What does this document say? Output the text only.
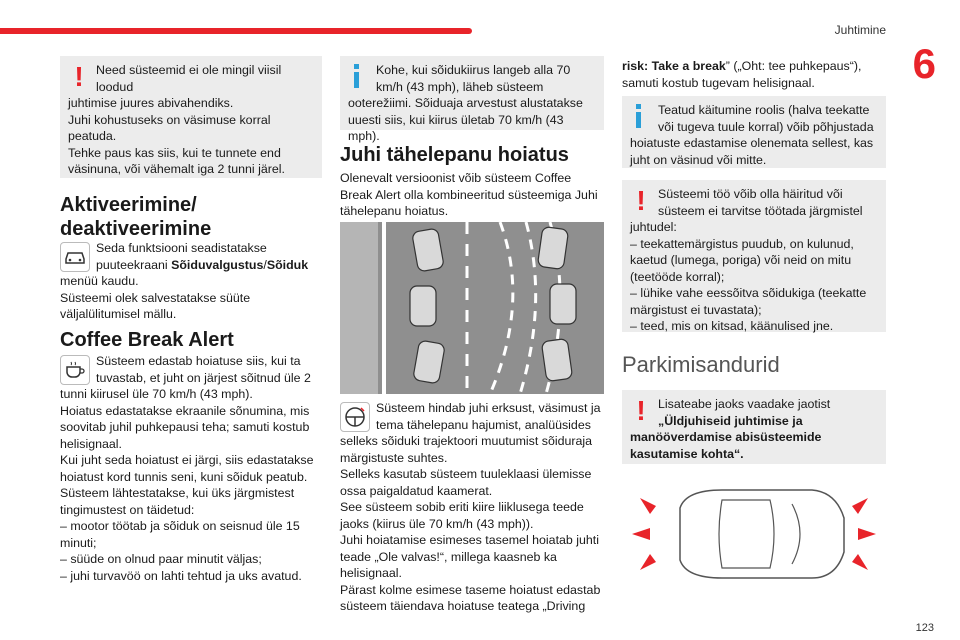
Juhtimine
6
123
! Need süsteemid ei ole mingil viisil loodud
juhtimise juures abivahendiks.
Juhi kohustuseks on väsimuse korral peatuda.
Tehke paus kas siis, kui te tunnete end väsinuna, või vähemalt iga 2 tunni järel.
Aktiveerimine/ deaktiveerimine
Seda funktsiooni seadistatakse puuteekraani Sõiduvalgustus/Sõiduk menüü kaudu.
Süsteemi olek salvestatakse süüte väljalülitumisel mällu.
Coffee Break Alert
Süsteem edastab hoiatuse siis, kui ta tuvastab, et juht on järjest sõitnud üle 2 tunni kiirusel üle 70 km/h (43 mph).
Hoiatus edastatakse ekraanile sõnumina, mis soovitab juhil puhkepausi teha; samuti kostub helisignaal.
Kui juht seda hoiatust ei järgi, siis edastatakse hoiatust kord tunnis seni, kuni sõiduk peatub.
Süsteem lähtestatakse, kui üks järgmistest tingimustest on täidetud:
– mootor töötab ja sõiduk on seisnud üle 15 minuti;
– süüde on olnud paar minutit väljas;
– juhi turvavöö on lahti tehtud ja uks avatud.
Kohe, kui sõidukiirus langeb alla 70 km/h (43 mph), läheb süsteem ooterežiimi. Sõiduaja arvestust alustatakse uuesti siis, kui kiirus ületab 70 km/h (43 mph).
Juhi tähelepanu hoiatus
Olenevalt versioonist võib süsteem Coffee Break Alert olla kombineeritud süsteemiga Juhi tähelepanu hoiatus.
Süsteem hindab juhi erksust, väsimust ja tema tähelepanu hajumist, analüüsides selleks sõiduki trajektoori muutumist sõiduraja märgistuste suhtes.
Selleks kasutab süsteem tuuleklaasi ülemisse ossa paigaldatud kaamerat.
See süsteem sobib eriti kiire liiklusega teede jaoks (kiirus üle 70 km/h (43 mph)).
Juhi hoiatamise esimeses tasemel hoiatab juhti teade „Ole valvas!“, millega kaasneb ka helisignaal.
Pärast kolme esimese taseme hoiatust edastab süsteem täiendava hoiatuse teatega „Driving
risk: Take a break” („Oht: tee puhkepaus“), samuti kostub tugevam helisignaal.
Teatud käitumine roolis (halva teekatte või tugeva tuule korral) võib põhjustada hoiatuste edastamise olenemata sellest, kas juht on väsinud või mitte.
! Süsteemi töö võib olla häiritud või süsteem ei tarvitse töötada järgmistel juhtudel:
– teekattemärgistus puudub, on kulunud, kaetud (lumega, poriga) või neid on mitu (teetööde korral);
– lühike vahe eessõitva sõidukiga (teekatte märgistust ei tuvastata);
– teed, mis on kitsad, käänulised jne.
Parkimisandurid
! Lisateabe jaoks vaadake jaotist
„Üldjuhiseid juhtimise ja manööverdamise abisüsteemide kasutamise kohta“.
